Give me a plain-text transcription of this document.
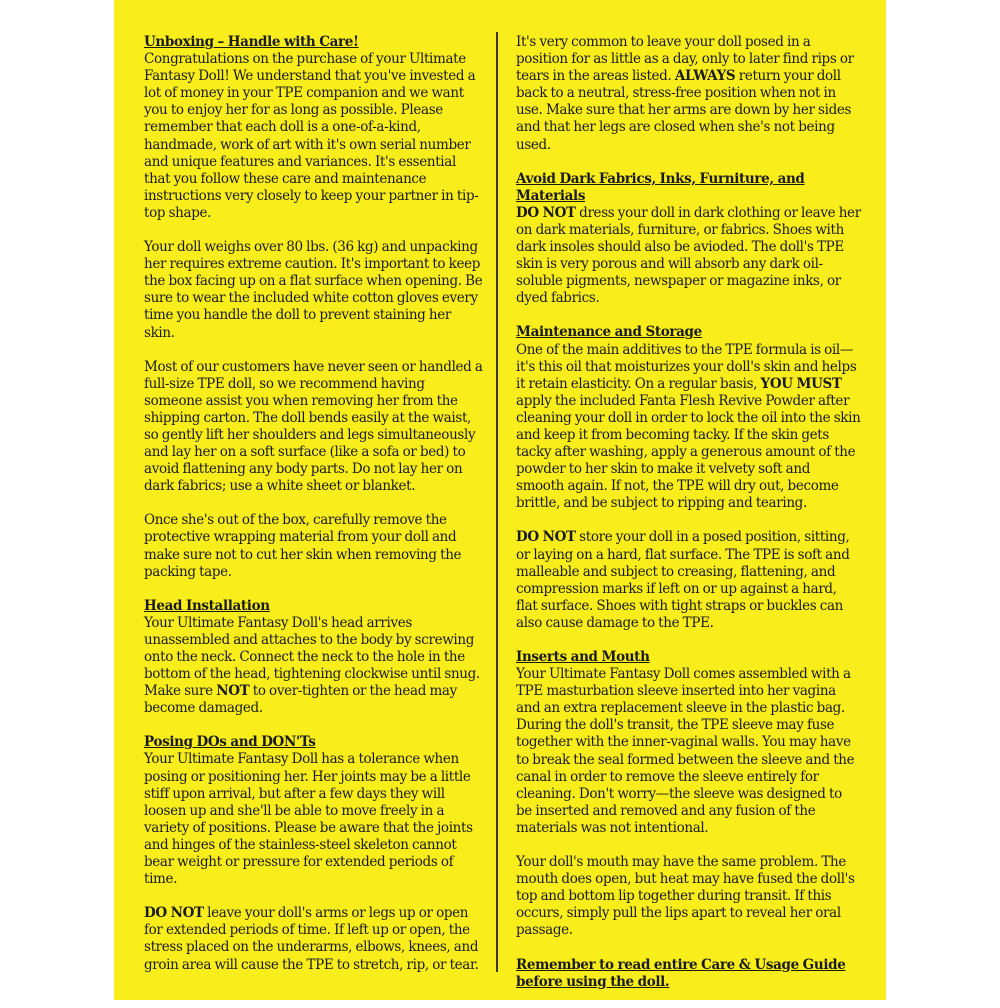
Unboxing – Handle with Care!

Congratulations on the purchase of your Ultimate Fantasy Doll! We understand that you've invested a lot of money in your TPE companion and we want you to enjoy her for as long as possible. Please remember that each doll is a one-of-a-kind, handmade, work of art with it's own serial number and unique features and variances. It's essential that you follow these care and maintenance instructions very closely to keep your partner in tip-top shape.

Your doll weighs over 80 lbs. (36 kg) and unpacking her requires extreme caution. It's important to keep the box facing up on a flat surface when opening. Be sure to wear the included white cotton gloves every time you handle the doll to prevent staining her skin.

Most of our customers have never seen or handled a full-size TPE doll, so we recommend having someone assist you when removing her from the shipping carton. The doll bends easily at the waist, so gently lift her shoulders and legs simultaneously and lay her on a soft surface (like a sofa or bed) to avoid flattening any body parts. Do not lay her on dark fabrics; use a white sheet or blanket.

Once she's out of the box, carefully remove the protective wrapping material from your doll and make sure not to cut her skin when removing the packing tape.

Head Installation

Your Ultimate Fantasy Doll's head arrives unassembled and attaches to the body by screwing onto the neck. Connect the neck to the hole in the bottom of the head, tightening clockwise until snug. Make sure NOT to over-tighten or the head may become damaged.

Posing DOs and DON'Ts

Your Ultimate Fantasy Doll has a tolerance when posing or positioning her. Her joints may be a little stiff upon arrival, but after a few days they will loosen up and she'll be able to move freely in a variety of positions. Please be aware that the joints and hinges of the stainless-steel skeleton cannot bear weight or pressure for extended periods of time.

DO NOT leave your doll's arms or legs up or open for extended periods of time. If left up or open, the stress placed on the underarms, elbows, knees, and groin area will cause the TPE to stretch, rip, or tear.

It's very common to leave your doll posed in a position for as little as a day, only to later find rips or tears in the areas listed. ALWAYS return your doll back to a neutral, stress-free position when not in use. Make sure that her arms are down by her sides and that her legs are closed when she's not being used.

Avoid Dark Fabrics, Inks, Furniture, and Materials

DO NOT dress your doll in dark clothing or leave her on dark materials, furniture, or fabrics. Shoes with dark insoles should also be avioded. The doll's TPE skin is very porous and will absorb any dark oil-soluble pigments, newspaper or magazine inks, or dyed fabrics.

Maintenance and Storage

One of the main additives to the TPE formula is oil—it's this oil that moisturizes your doll's skin and helps it retain elasticity. On a regular basis, YOU MUST apply the included Fanta Flesh Revive Powder after cleaning your doll in order to lock the oil into the skin and keep it from becoming tacky. If the skin gets tacky after washing, apply a generous amount of the powder to her skin to make it velvety soft and smooth again. If not, the TPE will dry out, become brittle, and be subject to ripping and tearing.

DO NOT store your doll in a posed position, sitting, or laying on a hard, flat surface. The TPE is soft and malleable and subject to creasing, flattening, and compression marks if left on or up against a hard, flat surface. Shoes with tight straps or buckles can also cause damage to the TPE.

Inserts and Mouth

Your Ultimate Fantasy Doll comes assembled with a TPE masturbation sleeve inserted into her vagina and an extra replacement sleeve in the plastic bag. During the doll's transit, the TPE sleeve may fuse together with the inner-vaginal walls. You may have to break the seal formed between the sleeve and the canal in order to remove the sleeve entirely for cleaning. Don't worry—the sleeve was designed to be inserted and removed and any fusion of the materials was not intentional.

Your doll's mouth may have the same problem. The mouth does open, but heat may have fused the doll's top and bottom lip together during transit. If this occurs, simply pull the lips apart to reveal her oral passage.

Remember to read entire Care & Usage Guide before using the doll.
